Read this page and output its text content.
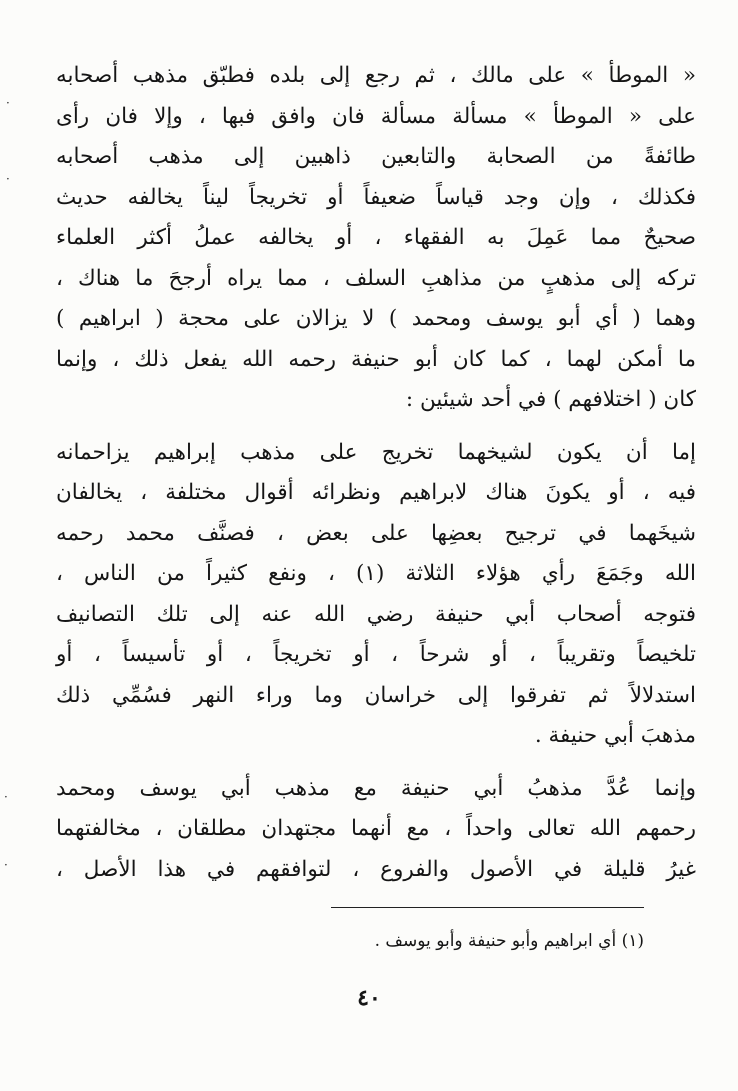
« الموطأ » على مالك ، ثم رجع إلى بلده فطبّق مذهب أصحابه
على « الموطأ » مسألة مسألة فان وافق فبها ، وإلا فان رأى
طائفةً من الصحابة والتابعين ذاهبين إلى مذهب أصحابه
فكذلك ، وإن وجد قياساً ضعيفاً أو تخريجاً ليناً يخالفه حديث
صحيحٌ مما عَمِلَ به الفقهاء ، أو يخالفه عملُ أكثر العلماء
تركه إلى مذهبٍ من مذاهبِ السلف ، مما يراه أرجحَ ما هناك ،
وهما ( أي أبو يوسف ومحمد ) لا يزالان على محجة ( ابراهيم )
ما أمكن لهما ، كما كان أبو حنيفة رحمه الله يفعل ذلك ، وإنما
كان ( اختلافهم ) في أحد شيئين :
إما أن يكون لشيخهما تخريج على مذهب إبراهيم يزاحمانه
فيه ، أو يكونَ هناك لابراهيم ونظرائه أقوال مختلفة ، يخالفان
شيخَهما في ترجيح بعضِها على بعض ، فصنَّف محمد رحمه
الله وجَمَعَ رأي هؤلاء الثلاثة (١) ، ونفع كثيراً من الناس ،
فتوجه أصحاب أبي حنيفة رضي الله عنه إلى تلك التصانيف
تلخيصاً وتقريباً ، أو شرحاً ، أو تخريجاً ، أو تأسيساً ، أو
استدلالاً ثم تفرقوا إلى خراسان وما وراء النهر فسُمِّي ذلك
مذهبَ أبي حنيفة .
وإنما عُدَّ مذهبُ أبي حنيفة مع مذهب أبي يوسف ومحمد
رحمهم الله تعالى واحداً ، مع أنهما مجتهدان مطلقان ، مخالفتهما
غيرُ قليلة في الأصول والفروع ، لتوافقهم في هذا الأصل ،
(١) أي ابراهيم وأبو حنيفة وأبو يوسف .
٤٠
·
·
·
·
